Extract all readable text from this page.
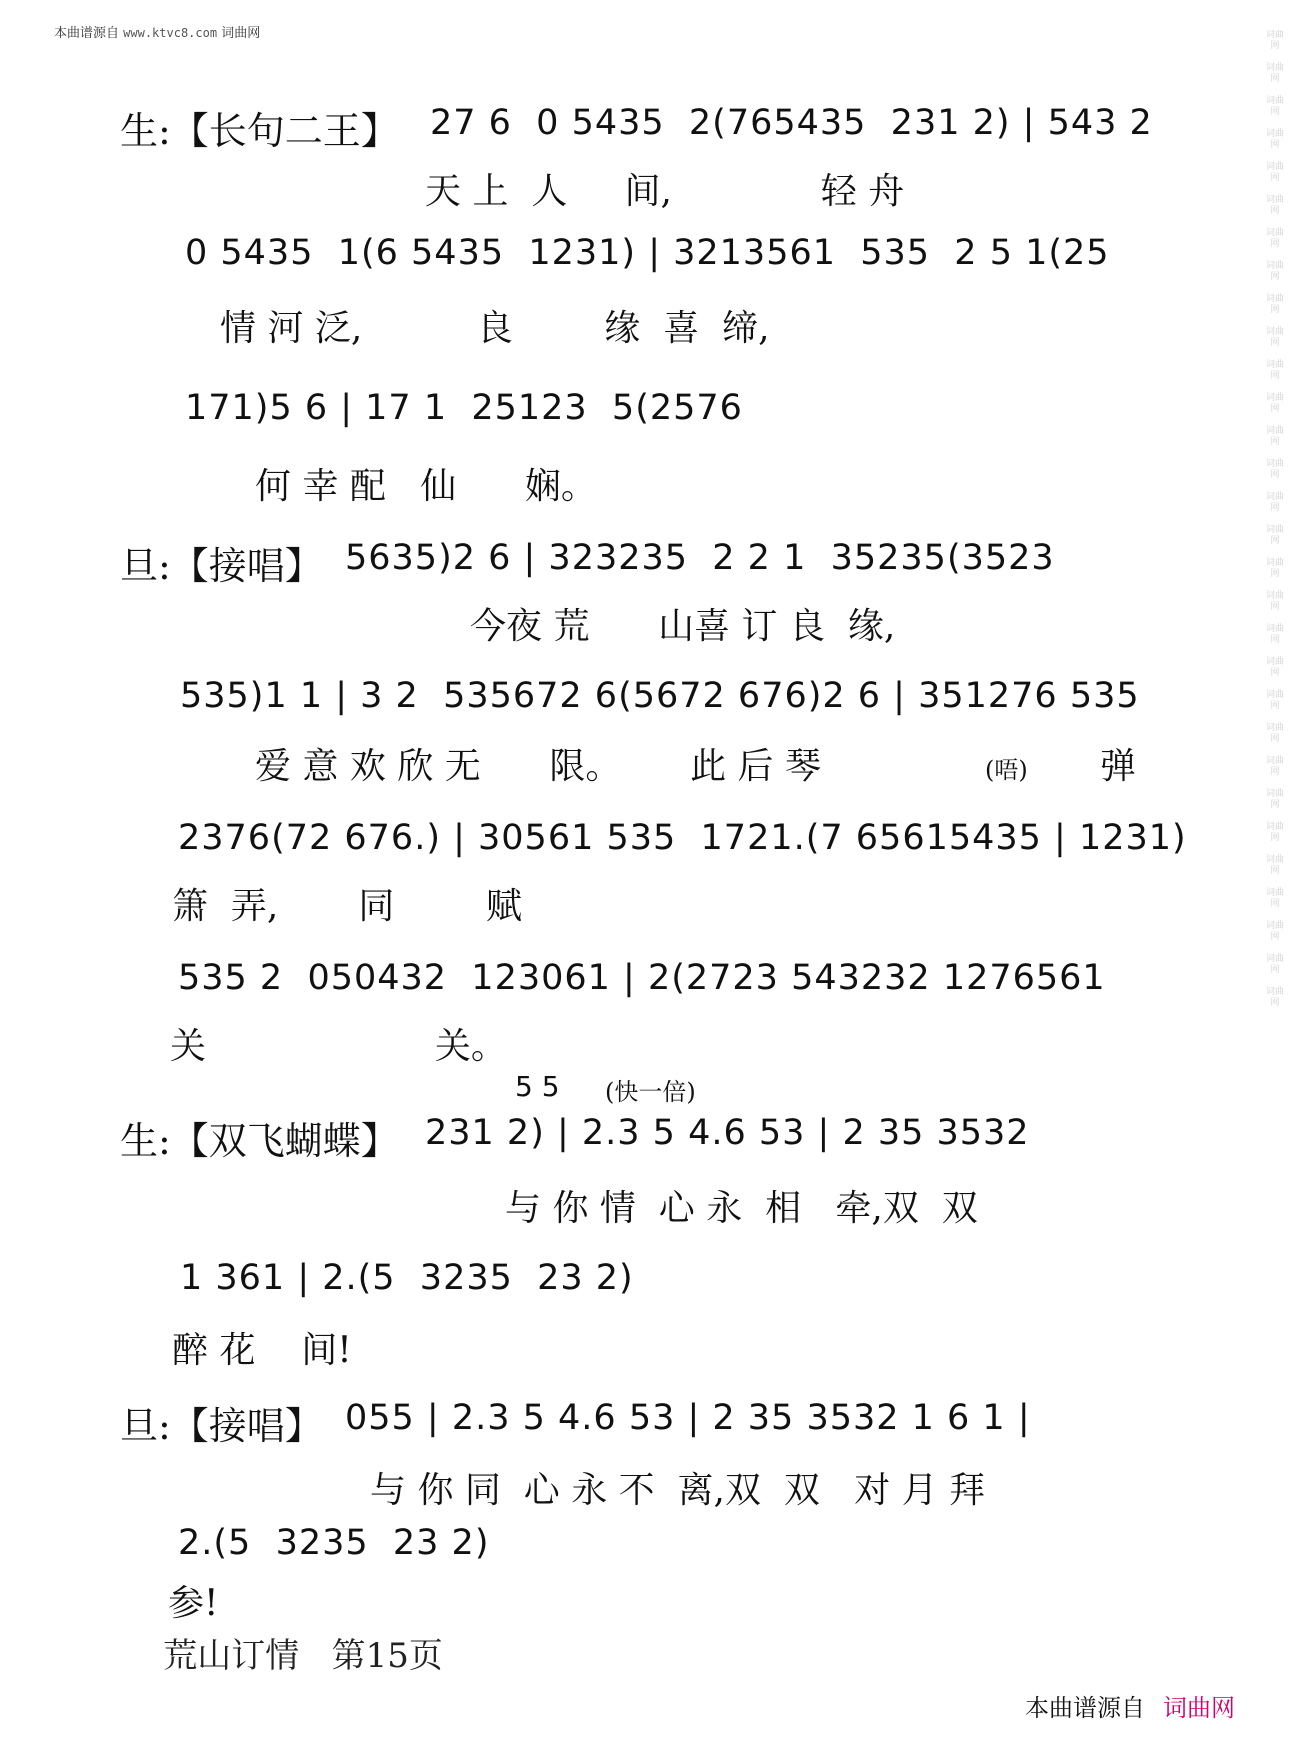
本曲谱源自 www.ktvc8.com 词曲网	词曲网

词曲网

词曲网

词曲网

词曲网

词曲网

词曲网

词曲网

词曲网

词曲网

词曲网

词曲网

词曲网

词曲网

词曲网

词曲网

词曲网

词曲网

词曲网

词曲网

词曲网

词曲网

词曲网

词曲网

词曲网

词曲网

词曲网

词曲网

词曲网

词曲网

生:【长句二王】 27 6  0 5435  2(765435  231 2) | 543 2
天 上  人     间,             轻 舟
0 5435  1(6 5435  1231) | 3213561  535  2 5 1(25
情 河 泛,          良        缘  喜  缔,
171)5 6 | 17 1  25123  5(2576
何 幸 配   仙      娴。
旦:【接唱】 5635)2 6 | 323235  2 2 1  35235(3523
今夜 荒      山喜 订 良  缘,
535)1 1 | 3 2  535672 6(5672 676)2 6 | 351276 535
爱 意 欢 欣 无      限。      此 后 琴	(唔) 弹
2376(72 676.) | 30561 535  1721.(7 65615435 | 1231)
箫  弄,       同        赋
535 2  050432  123061 | 2(2723 543232 1276561
关                    关。
5 5 (快一倍)
生:【双飞蝴蝶】 231 2) | 2.3 5 4.6 53 | 2 35 3532
与 你 情  心 永  相   牵,双  双
1 361 | 2.(5  3235  23 2)
醉 花    间!
旦:【接唱】 055 | 2.3 5 4.6 53 | 2 35 3532 1 6 1 |
与 你 同  心 永 不  离,双  双   对 月 拜
2.(5  3235  23 2)
参!

荒山订情 第15页

本曲谱源自 词曲网
